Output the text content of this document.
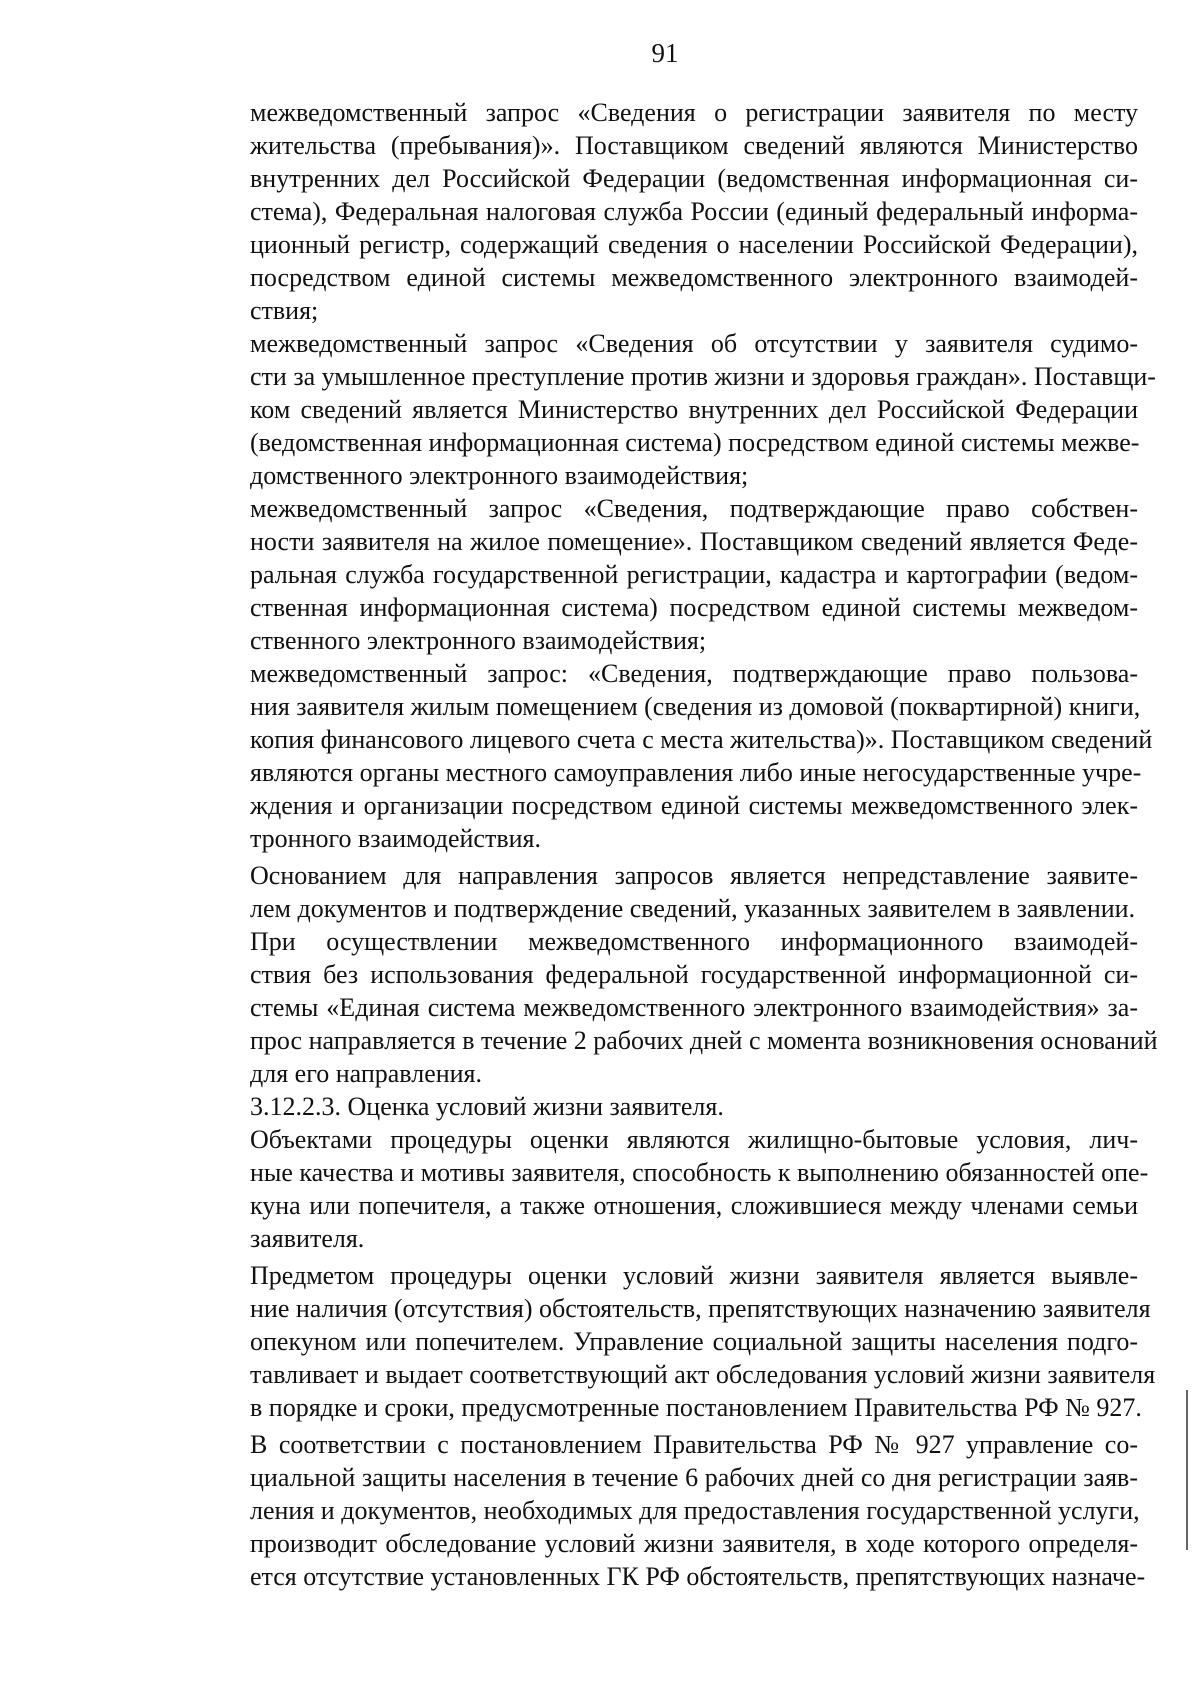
91
межведомственный запрос «Сведения о регистрации заявителя по месту
жительства (пребывания)». Поставщиком сведений являются Министерство
внутренних дел Российской Федерации (ведомственная информационная си-
стема), Федеральная налоговая служба России (единый федеральный информа-
ционный регистр, содержащий сведения о населении Российской Федерации),
посредством единой системы межведомственного электронного взаимодей-
ствия;
межведомственный запрос «Сведения об отсутствии у заявителя судимо-
сти за умышленное преступление против жизни и здоровья граждан». Поставщи-
ком сведений является Министерство внутренних дел Российской Федерации
(ведомственная информационная система) посредством единой системы межве-
домственного электронного взаимодействия;
межведомственный запрос «Сведения, подтверждающие право собствен-
ности заявителя на жилое помещение». Поставщиком сведений является Феде-
ральная служба государственной регистрации, кадастра и картографии (ведом-
ственная информационная система) посредством единой системы межведом-
ственного электронного взаимодействия;
межведомственный запрос: «Сведения, подтверждающие право пользова-
ния заявителя жилым помещением (сведения из домовой (поквартирной) книги,
копия финансового лицевого счета с места жительства)». Поставщиком сведений
являются органы местного самоуправления либо иные негосударственные учре-
ждения и организации посредством единой системы межведомственного элек-
тронного взаимодействия.
Основанием для направления запросов является непредставление заявите-
лем документов и подтверждение сведений, указанных заявителем в заявлении.
При осуществлении межведомственного информационного взаимодей-
ствия без использования федеральной государственной информационной си-
стемы «Единая система межведомственного электронного взаимодействия» за-
прос направляется в течение 2 рабочих дней с момента возникновения оснований
для его направления.
3.12.2.3. Оценка условий жизни заявителя.
Объектами процедуры оценки являются жилищно-бытовые условия, лич-
ные качества и мотивы заявителя, способность к выполнению обязанностей опе-
куна или попечителя, а также отношения, сложившиеся между членами семьи
заявителя.
Предметом процедуры оценки условий жизни заявителя является выявле-
ние наличия (отсутствия) обстоятельств, препятствующих назначению заявителя
опекуном или попечителем. Управление социальной защиты населения подго-
тавливает и выдает соответствующий акт обследования условий жизни заявителя
в порядке и сроки, предусмотренные постановлением Правительства РФ № 927.
В соответствии с постановлением Правительства РФ № 927 управление со-
циальной защиты населения в течение 6 рабочих дней со дня регистрации заяв-
ления и документов, необходимых для предоставления государственной услуги,
производит обследование условий жизни заявителя, в ходе которого определя-
ется отсутствие установленных ГК РФ обстоятельств, препятствующих назначе-
